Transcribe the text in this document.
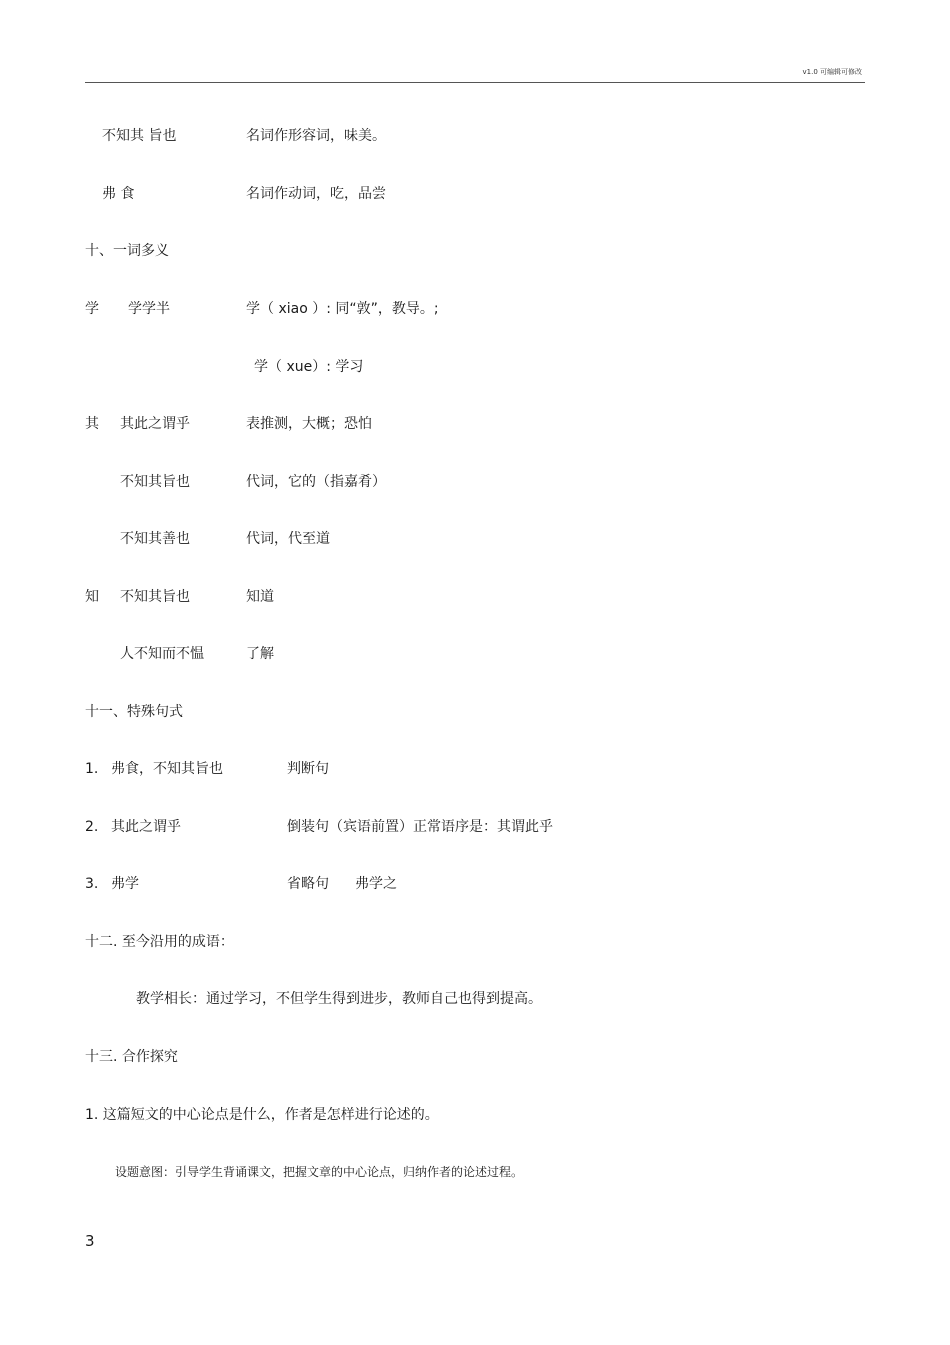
v1.0 可编辑可修改
不知其 旨也	名词作形容词，味美。
弗 食	名词作动词，吃，品尝
十、一词多义
学 学学半	学（ xiao ）: 同“敦”，教导。;
学（ xue）: 学习
其 其此之谓乎	表推测，大概；恐怕
不知其旨也	代词，它的（指嘉肴）
不知其善也	代词，代至道
知 不知其旨也	知道
人不知而不愠	了解
十一、特殊句式
1. 弗食，不知其旨也	判断句
2. 其此之谓乎	倒装句（宾语前置）正常语序是：其谓此乎
3. 弗学	省略句 弗学之
十二. 至今沿用的成语：
教学相长：通过学习，不但学生得到进步，教师自己也得到提高。
十三. 合作探究
1. 这篇短文的中心论点是什么，作者是怎样进行论述的。
设题意图：引导学生背诵课文，把握文章的中心论点，归纳作者的论述过程。
3
